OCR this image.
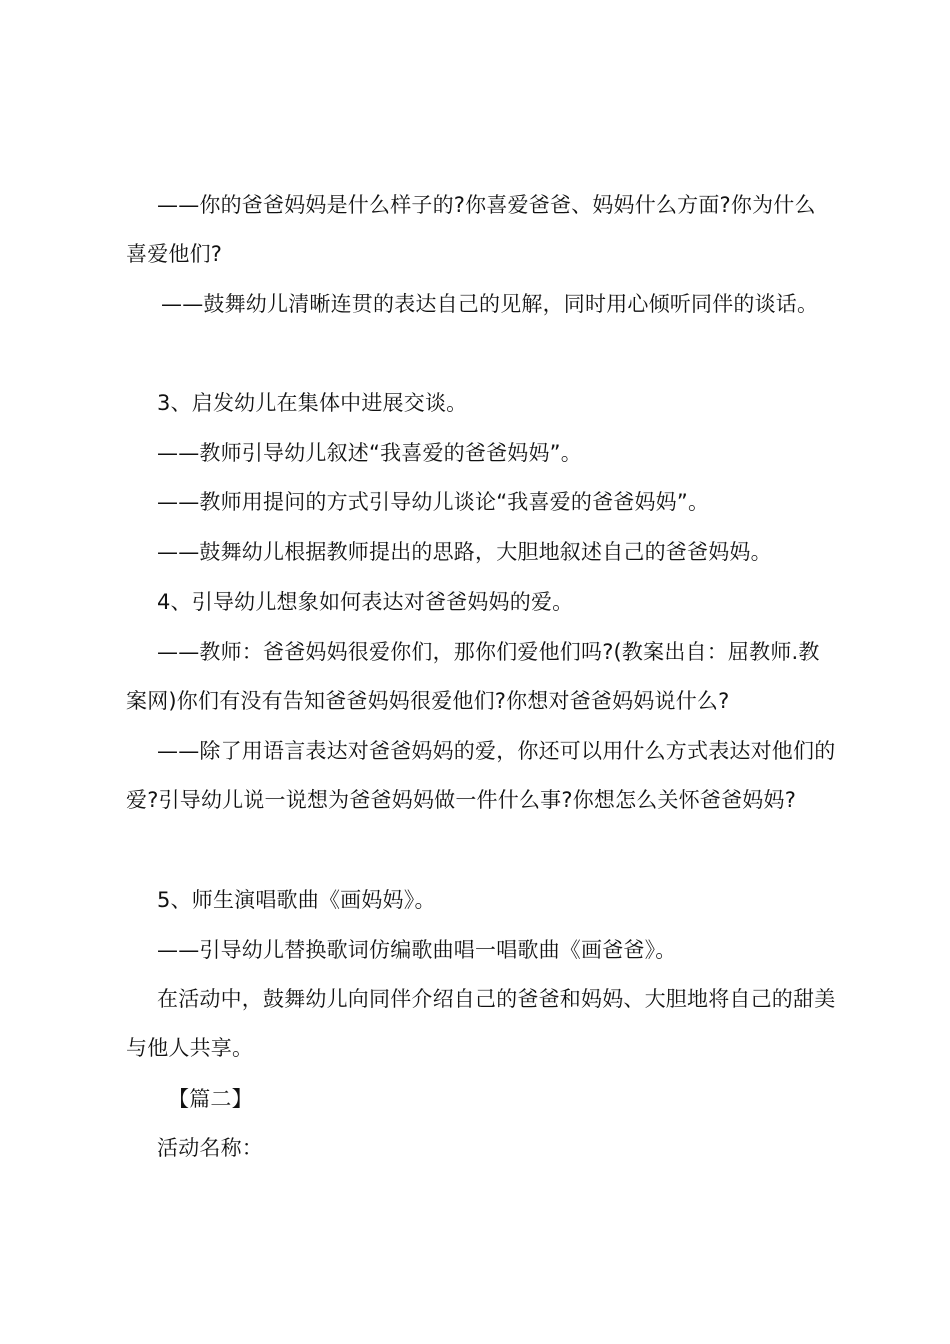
——你的爸爸妈妈是什么样子的?你喜爱爸爸、妈妈什么方面?你为什么喜爱他们?

——鼓舞幼儿清晰连贯的表达自己的见解，同时用心倾听同伴的谈话。

3、启发幼儿在集体中进展交谈。

——教师引导幼儿叙述“我喜爱的爸爸妈妈”。

——教师用提问的方式引导幼儿谈论“我喜爱的爸爸妈妈”。

——鼓舞幼儿根据教师提出的思路，大胆地叙述自己的爸爸妈妈。

4、引导幼儿想象如何表达对爸爸妈妈的爱。

——教师：爸爸妈妈很爱你们，那你们爱他们吗?(教案出自：屈教师.教案网)你们有没有告知爸爸妈妈很爱他们?你想对爸爸妈妈说什么?

——除了用语言表达对爸爸妈妈的爱，你还可以用什么方式表达对他们的爱?引导幼儿说一说想为爸爸妈妈做一件什么事?你想怎么关怀爸爸妈妈?

5、师生演唱歌曲《画妈妈》。

——引导幼儿替换歌词仿编歌曲唱一唱歌曲《画爸爸》。

在活动中，鼓舞幼儿向同伴介绍自己的爸爸和妈妈、大胆地将自己的甜美与他人共享。

【篇二】

活动名称：
